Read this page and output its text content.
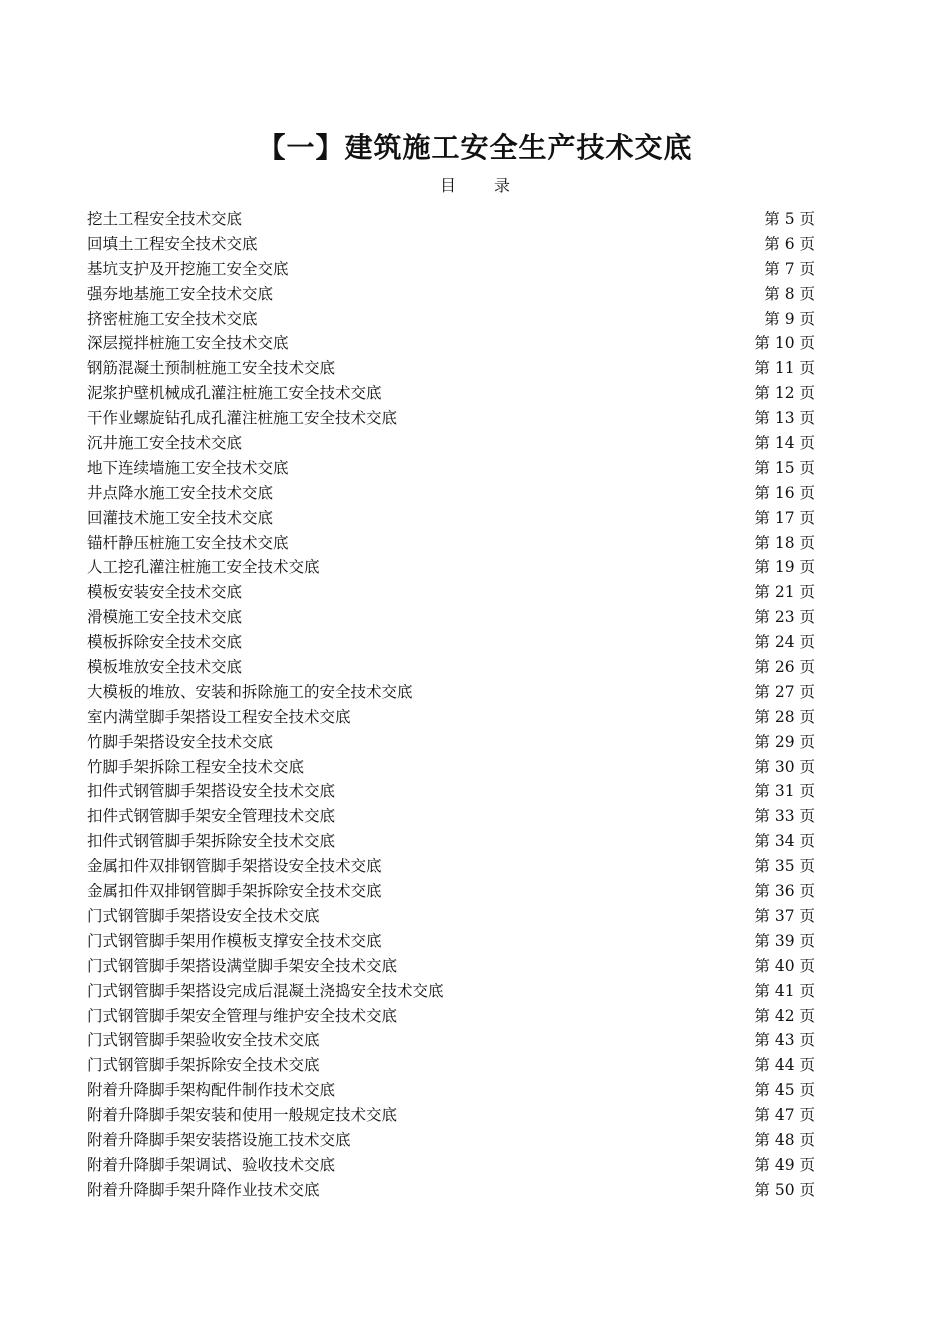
【一】建筑施工安全生产技术交底
目 录
挖土工程安全技术交底	第 5 页
回填土工程安全技术交底	第 6 页
基坑支护及开挖施工安全交底	第 7 页
强夯地基施工安全技术交底	第 8 页
挤密桩施工安全技术交底	第 9 页
深层搅拌桩施工安全技术交底	第 10 页
钢筋混凝土预制桩施工安全技术交底	第 11 页
泥浆护壁机械成孔灌注桩施工安全技术交底	第 12 页
干作业螺旋钻孔成孔灌注桩施工安全技术交底	第 13 页
沉井施工安全技术交底	第 14 页
地下连续墙施工安全技术交底	第 15 页
井点降水施工安全技术交底	第 16 页
回灌技术施工安全技术交底	第 17 页
锚杆静压桩施工安全技术交底	第 18 页
人工挖孔灌注桩施工安全技术交底	第 19 页
模板安装安全技术交底	第 21 页
滑模施工安全技术交底	第 23 页
模板拆除安全技术交底	第 24 页
模板堆放安全技术交底	第 26 页
大模板的堆放、安装和拆除施工的安全技术交底	第 27 页
室内满堂脚手架搭设工程安全技术交底	第 28 页
竹脚手架搭设安全技术交底	第 29 页
竹脚手架拆除工程安全技术交底	第 30 页
扣件式钢管脚手架搭设安全技术交底	第 31 页
扣件式钢管脚手架安全管理技术交底	第 33 页
扣件式钢管脚手架拆除安全技术交底	第 34 页
金属扣件双排钢管脚手架搭设安全技术交底	第 35 页
金属扣件双排钢管脚手架拆除安全技术交底	第 36 页
门式钢管脚手架搭设安全技术交底	第 37 页
门式钢管脚手架用作模板支撑安全技术交底	第 39 页
门式钢管脚手架搭设满堂脚手架安全技术交底	第 40 页
门式钢管脚手架搭设完成后混凝土浇捣安全技术交底	第 41 页
门式钢管脚手架安全管理与维护安全技术交底	第 42 页
门式钢管脚手架验收安全技术交底	第 43 页
门式钢管脚手架拆除安全技术交底	第 44 页
附着升降脚手架构配件制作技术交底	第 45 页
附着升降脚手架安装和使用一般规定技术交底	第 47 页
附着升降脚手架安装搭设施工技术交底	第 48 页
附着升降脚手架调试、验收技术交底	第 49 页
附着升降脚手架升降作业技术交底	第 50 页
